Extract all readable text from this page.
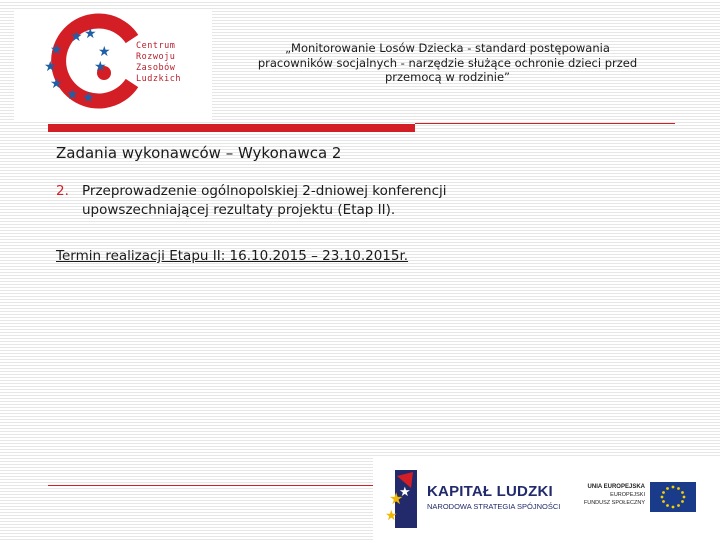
★ ★
★
★
★
★ ★
★
★	Centrum
Rozwoju
Zasobów
Ludzkich
„Monitorowanie Losów Dziecka - standard postępowania pracowników socjalnych - narzędzie służące ochronie dzieci przed przemocą w rodzinie”
Zadania wykonawców – Wykonawca 2
2. Przeprowadzenie ogólnopolskiej 2-dniowej konferencji upowszechniającej rezultaty projektu (Etap II).
Termin realizacji Etapu II: 16.10.2015 – 23.10.2015r.
★
★
★
KAPITAŁ LUDZKI
NARODOWA STRATEGIA SPÓJNOŚCI
UNIA EUROPEJSKA
EUROPEJSKI
FUNDUSZ SPOŁECZNY
